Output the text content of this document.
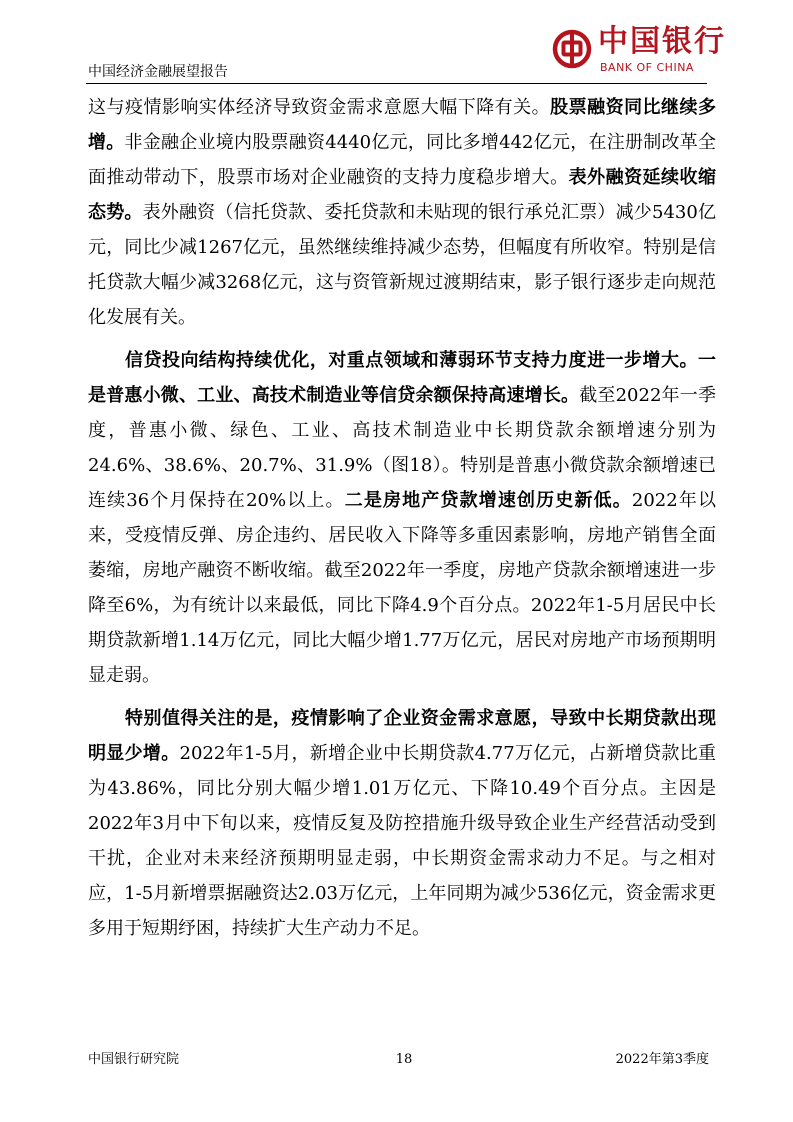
中国经济金融展望报告
中国银行
BANK OF CHINA

这与疫情影响实体经济导致资金需求意愿大幅下降有关。股票融资同比继续多增。非金融企业境内股票融资4440亿元，同比多增442亿元，在注册制改革全面推动带动下，股票市场对企业融资的支持力度稳步增大。表外融资延续收缩态势。表外融资（信托贷款、委托贷款和未贴现的银行承兑汇票）减少5430亿元，同比少减1267亿元，虽然继续维持减少态势，但幅度有所收窄。特别是信托贷款大幅少减3268亿元，这与资管新规过渡期结束，影子银行逐步走向规范化发展有关。

信贷投向结构持续优化，对重点领域和薄弱环节支持力度进一步增大。一是普惠小微、工业、高技术制造业等信贷余额保持高速增长。截至2022年一季度，普惠小微、绿色、工业、高技术制造业中长期贷款余额增速分别为24.6%、38.6%、20.7%、31.9%（图18）。特别是普惠小微贷款余额增速已连续36个月保持在20%以上。二是房地产贷款增速创历史新低。2022年以来，受疫情反弹、房企违约、居民收入下降等多重因素影响，房地产销售全面萎缩，房地产融资不断收缩。截至2022年一季度，房地产贷款余额增速进一步降至6%，为有统计以来最低，同比下降4.9个百分点。2022年1-5月居民中长期贷款新增1.14万亿元，同比大幅少增1.77万亿元，居民对房地产市场预期明显走弱。

特别值得关注的是，疫情影响了企业资金需求意愿，导致中长期贷款出现明显少增。2022年1-5月，新增企业中长期贷款4.77万亿元，占新增贷款比重为43.86%，同比分别大幅少增1.01万亿元、下降10.49个百分点。主因是2022年3月中下旬以来，疫情反复及防控措施升级导致企业生产经营活动受到干扰，企业对未来经济预期明显走弱，中长期资金需求动力不足。与之相对应，1-5月新增票据融资达2.03万亿元，上年同期为减少536亿元，资金需求更多用于短期纾困，持续扩大生产动力不足。

中国银行研究院	18	2022年第3季度
